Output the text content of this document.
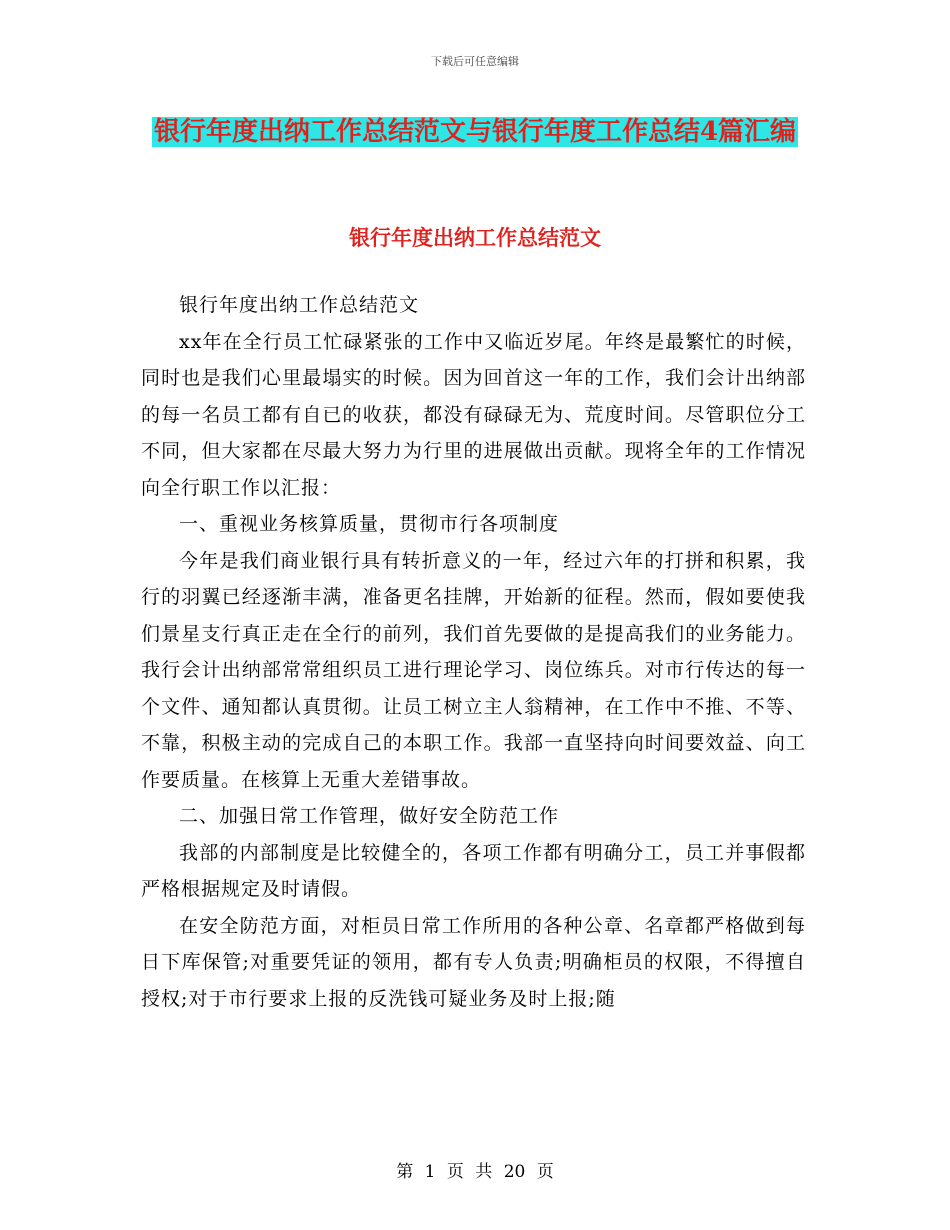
下载后可任意编辑
银行年度出纳工作总结范文与银行年度工作总结4篇汇编
银行年度出纳工作总结范文

银行年度出纳工作总结范文

xx年在全行员工忙碌紧张的工作中又临近岁尾。年终是最繁忙的时候，同时也是我们心里最塌实的时候。因为回首这一年的工作，我们会计出纳部的每一名员工都有自已的收获，都没有碌碌无为、荒度时间。尽管职位分工不同，但大家都在尽最大努力为行里的进展做出贡献。现将全年的工作情况向全行职工作以汇报：

一、重视业务核算质量，贯彻市行各项制度

今年是我们商业银行具有转折意义的一年，经过六年的打拼和积累，我行的羽翼已经逐渐丰满，准备更名挂牌，开始新的征程。然而，假如要使我们景星支行真正走在全行的前列，我们首先要做的是提高我们的业务能力。我行会计出纳部常常组织员工进行理论学习、岗位练兵。对市行传达的每一个文件、通知都认真贯彻。让员工树立主人翁精神，在工作中不推、不等、不靠，积极主动的完成自己的本职工作。我部一直坚持向时间要效益、向工作要质量。在核算上无重大差错事故。

二、加强日常工作管理，做好安全防范工作

我部的内部制度是比较健全的，各项工作都有明确分工，员工并事假都严格根据规定及时请假。

在安全防范方面，对柜员日常工作所用的各种公章、名章都严格做到每日下库保管;对重要凭证的领用，都有专人负责;明确柜员的权限，不得擅自授权;对于市行要求上报的反洗钱可疑业务及时上报;随

第 1 页 共 20 页
